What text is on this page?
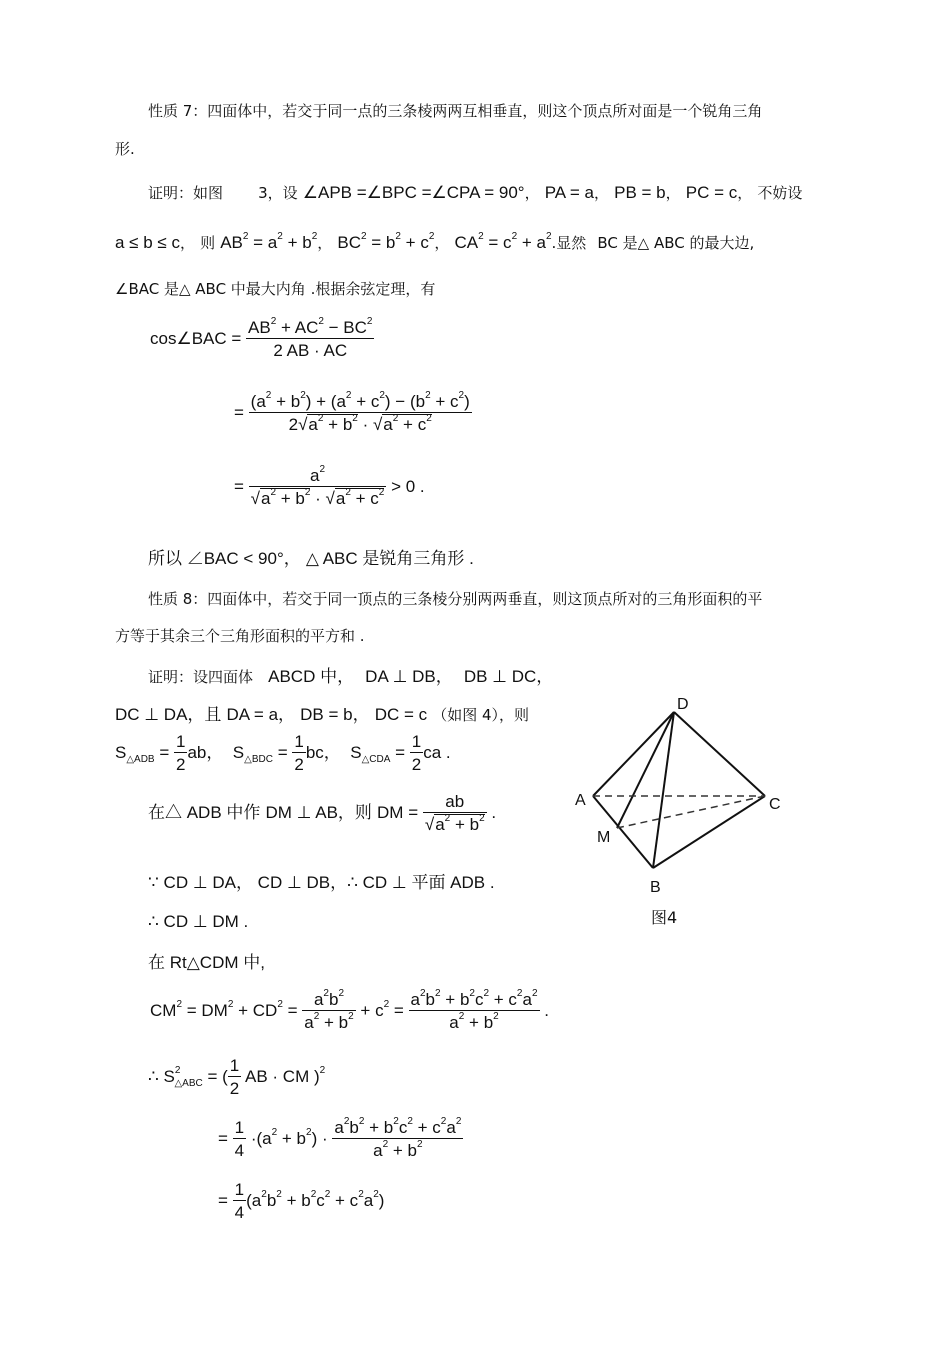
性质 7：四面体中，若交于同一点的三条棱两两互相垂直，则这个顶点所对面是一个锐角三角
形.
证明：如图 3，设 ∠APB =∠BPC =∠CPA = 90°， PA = a， PB = b， PC = c， 不妨设
a ≤ b ≤ c， 则 $AB^2 = a^2 + b^2$， $BC^2 = b^2 + c^2$， $CA^2 = c^2 + a^2$.显然 BC 是△ ABC 的最大边,
∠BAC 是△ ABC 中最大内角 .根据余弦定理，有
cos∠BAC = $\frac{AB^2 + AC^2 - BC^2}{2 AB \cdot AC}$
= $\frac{(a^2 + b^2) + (a^2 + c^2) - (b^2 + c^2)}{2√a^2 + b^2 \cdot √a^2 + c^2}$
= $\frac{a^2}{√a^2 + b^2 \cdot √a^2 + c^2} > 0$ .
所以 ∠BAC < 90°， △ ABC 是锐角三角形 .
性质 8：四面体中，若交于同一顶点的三条棱分别两两垂直，则这顶点所对的三角形面积的平
方等于其余三个三角形面积的平方和 .
证明：设四面体 ABCD 中， DA ⊥ DB， DB ⊥ DC，
DC ⊥ DA，且 DA = a， DB = b， DC = c （如图 4），则
$S_{\triangle ADB} = \frac{1}{2}$ ab，  $S_{\triangle BDC} = \frac{1}{2}$ bc，  $S_{\triangle CDA} = \frac{1}{2}$ ca .
在△ ADB 中作 DM ⊥ AB，则 DM = $\frac{ab}{√a^2 + b^2}$ .
∵ CD ⊥ DA， CD ⊥ DB，∴ CD ⊥ 平面 ADB .
∴ CD ⊥ DM .
在 Rt△CDM 中,
$CM^2 = DM^2 + CD^2 = \frac{a^2b^2}{a^2 + b^2} + c^2 = \frac{a^2b^2 + b^2c^2 + c^2a^2}{a^2 + b^2}$ .
∴ $S^2_{\triangle ABC}$ = ( $\frac{1}{2}$ AB · CM )$^2$
= $\frac{1}{4} \cdot(a^2 + b^2) \cdot \frac{a^2b^2 + b^2c^2 + c^2a^2}{a^2 + b^2}$
= $\frac{1}{4} (a^2b^2 + b^2c^2 + c^2a^2)$
D
A	C
M
B
图4
